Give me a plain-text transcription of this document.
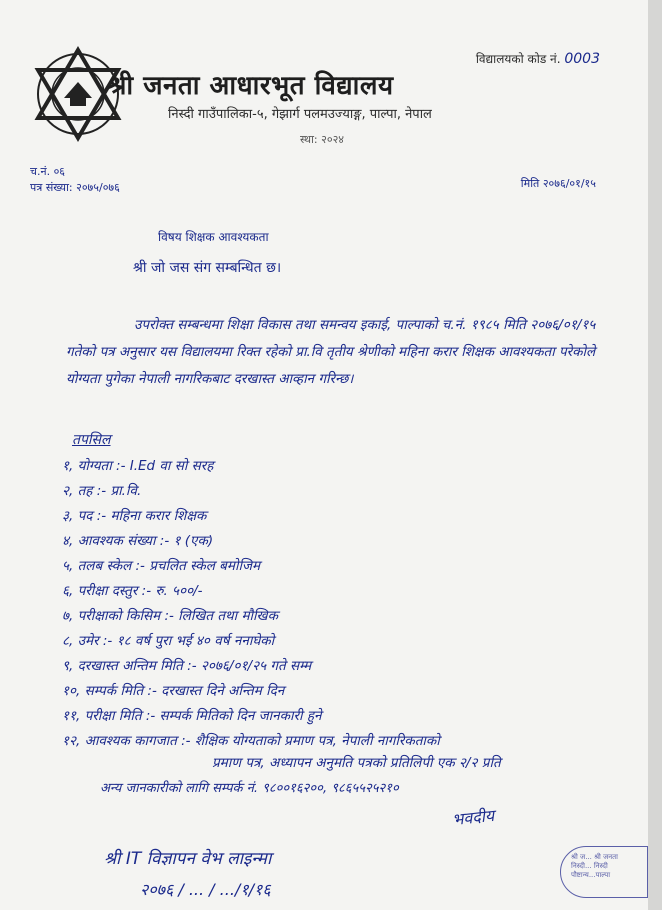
विद्यालयको कोड नं. 0003
श्री जनता आधारभूत विद्यालय
निस्दी गाउँपालिका-५, गेझार्ग पलमउज्याङ्ग, पाल्पा, नेपाल
स्था: २०२४
च.नं. ०६
पत्र संख्या: २०७५/०७६	मिति २०७६/०१/१५
विषय शिक्षक आवश्यकता
श्री जो जस संग सम्बन्धित छ।

उपरोक्त सम्बन्धमा शिक्षा विकास तथा समन्वय इकाई, पाल्पाको च.नं. १९८५ मिति २०७६/०१/१५ गतेको पत्र अनुसार यस विद्यालयमा रिक्त रहेको प्रा.वि तृतीय श्रेणीको महिना करार शिक्षक आवश्यकता परेकोले योग्यता पुगेका नेपाली नागरिकबाट दरखास्त आव्हान गरिन्छ।

तपसिल
१, योग्यता :- I.Ed वा सो सरह
२, तह :- प्रा.वि.
३, पद :- महिना करार शिक्षक
४, आवश्यक संख्या :- १ (एक)
५, तलब स्केल :- प्रचलित स्केल बमोजिम
६, परीक्षा दस्तुर :- रु. ५००/-
७, परीक्षाको किसिम :- लिखित तथा मौखिक
८, उमेर :- १८ वर्ष पुरा भई ४० वर्ष ननाघेको
९, दरखास्त अन्तिम मिति :- २०७६/०१/२५ गते सम्म
१०, सम्पर्क मिति :- दरखास्त दिने अन्तिम दिन
११, परीक्षा मिति :- सम्पर्क मितिको दिन जानकारी हुने
१२, आवश्यक कागजात :- शैक्षिक योग्यताको प्रमाण पत्र, नेपाली नागरिकताको
प्रमाण पत्र, अध्यापन अनुमति पत्रको प्रतिलिपी एक २/२ प्रति
अन्य जानकारीको लागि सम्पर्क नं. ९८००१६२००, ९८६५५२५२१०
भवदीय
श्री ज... श्री जनता
निस्दी... निस्दी
पौष्टान्य...पाल्पा
श्री IT विज्ञापन वेभ लाइन्मा
२०७६ / ... / .../१/१६
